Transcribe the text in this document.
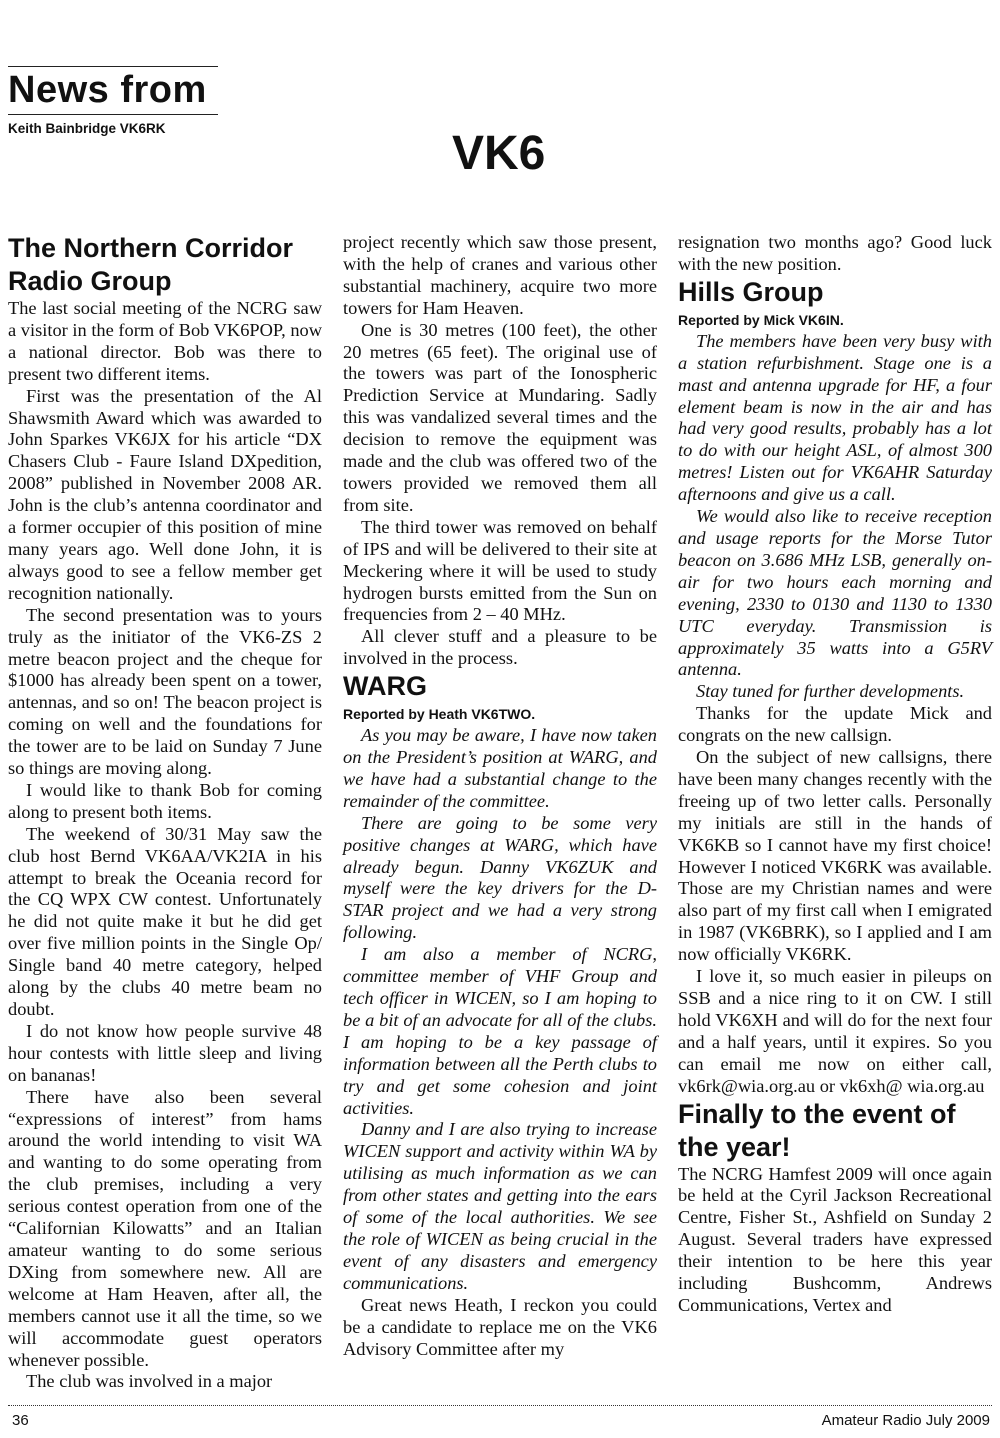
News from
Keith Bainbridge VK6RK	VK6
The Northern Corridor Radio Group

The last social meeting of the NCRG saw a visitor in the form of Bob VK6POP, now a national director. Bob was there to present two different items.

First was the presentation of the Al Shawsmith Award which was awarded to John Sparkes VK6JX for his article “DX Chasers Club - Faure Island DXpedition, 2008” published in November 2008 AR. John is the club’s antenna coordinator and a former occupier of this position of mine many years ago. Well done John, it is always good to see a fellow member get recognition nationally.

The second presentation was to yours truly as the initiator of the VK6-ZS 2 metre beacon project and the cheque for $1000 has already been spent on a tower, antennas, and so on! The beacon project is coming on well and the foundations for the tower are to be laid on Sunday 7 June so things are moving along.

I would like to thank Bob for coming along to present both items.

The weekend of 30/31 May saw the club host Bernd VK6AA/VK2IA in his attempt to break the Oceania record for the CQ WPX CW contest. Unfortunately he did not quite make it but he did get over five million points in the Single Op/ Single band 40 metre category, helped along by the clubs 40 metre beam no doubt.

I do not know how people survive 48 hour contests with little sleep and living on bananas!

There have also been several “expressions of interest” from hams around the world intending to visit WA and wanting to do some operating from the club premises, including a very serious contest operation from one of the “Californian Kilowatts” and an Italian amateur wanting to do some serious DXing from somewhere new. All are welcome at Ham Heaven, after all, the members cannot use it all the time, so we will accommodate guest operators whenever possible.

The club was involved in a major

project recently which saw those present, with the help of cranes and various other substantial machinery, acquire two more towers for Ham Heaven.

One is 30 metres (100 feet), the other 20 metres (65 feet). The original use of the towers was part of the Ionospheric Prediction Service at Mundaring. Sadly this was vandalized several times and the decision to remove the equipment was made and the club was offered two of the towers provided we removed them all from site.

The third tower was removed on behalf of IPS and will be delivered to their site at Meckering where it will be used to study hydrogen bursts emitted from the Sun on frequencies from 2 – 40 MHz.

All clever stuff and a pleasure to be involved in the process.

WARG
Reported by Heath VK6TWO.

As you may be aware, I have now taken on the President’s position at WARG, and we have had a substantial change to the remainder of the committee.

There are going to be some very positive changes at WARG, which have already begun. Danny VK6ZUK and myself were the key drivers for the D-STAR project and we had a very strong following.

I am also a member of NCRG, committee member of VHF Group and tech officer in WICEN, so I am hoping to be a bit of an advocate for all of the clubs. I am hoping to be a key passage of information between all the Perth clubs to try and get some cohesion and joint activities.

Danny and I are also trying to increase WICEN support and activity within WA by utilising as much information as we can from other states and getting into the ears of some of the local authorities. We see the role of WICEN as being crucial in the event of any disasters and emergency communications.

Great news Heath, I reckon you could be a candidate to replace me on the VK6 Advisory Committee after my

resignation two months ago? Good luck with the new position.

Hills Group
Reported by Mick VK6IN.

The members have been very busy with a station refurbishment. Stage one is a mast and antenna upgrade for HF, a four element beam is now in the air and has had very good results, probably has a lot to do with our height ASL, of almost 300 metres! Listen out for VK6AHR Saturday afternoons and give us a call.

We would also like to receive reception and usage reports for the Morse Tutor beacon on 3.686 MHz LSB, generally on-air for two hours each morning and evening, 2330 to 0130 and 1130 to 1330 UTC everyday. Transmission is approximately 35 watts into a G5RV antenna.

Stay tuned for further developments.

Thanks for the update Mick and congrats on the new callsign.

On the subject of new callsigns, there have been many changes recently with the freeing up of two letter calls. Personally my initials are still in the hands of VK6KB so I cannot have my first choice! However I noticed VK6RK was available. Those are my Christian names and were also part of my first call when I emigrated in 1987 (VK6BRK), so I applied and I am now officially VK6RK.

I love it, so much easier in pileups on SSB and a nice ring to it on CW. I still hold VK6XH and will do for the next four and a half years, until it expires. So you can email me now on either call, vk6rk@wia.org.au or vk6xh@ wia.org.au

Finally to the event of the year!

The NCRG Hamfest 2009 will once again be held at the Cyril Jackson Recreational Centre, Fisher St., Ashfield on Sunday 2 August. Several traders have expressed their intention to be here this year including Bushcomm, Andrews Communications, Vertex and

36	Amateur Radio July 2009
